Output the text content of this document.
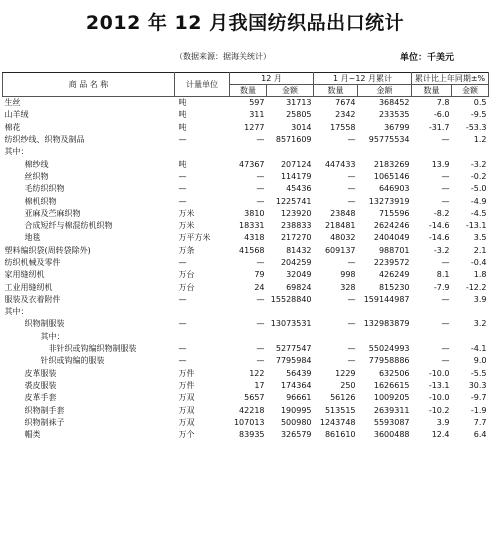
2012 年 12 月我国纺织品出口统计
（数据来源：据海关统计）	单位：千美元
商 品 名 称	计量单位	12 月		1 月~12 月累计		累计比上年同期±%	
		数量	金额	数量	金额	数量	金额
生丝	吨	597	31713	7674	368452	7.8	0.5
山羊绒	吨	311	25805	2342	233535	-6.0	-9.5
棉花	吨	1277	3014	17558	36799	-31.7	-53.3
纺织纱线、织物及制品	—	—	8571609	—	95775534	—	1.2
其中：							
棉纱线	吨	47367	207124	447433	2183269	13.9	-3.2
丝织物	—	—	114179	—	1065146	—	-0.2
毛纺织织物	—	—	45436	—	646903	—	-5.0
棉机织物	—	—	1225741	—	13273919	—	-4.9
亚麻及苎麻织物	万米	3810	123920	23848	715596	-8.2	-4.5
合成短纤与棉混纺机织物	万米	18331	238833	218481	2624246	-14.6	-13.1
地毯	万平方米	4318	217270	48032	2404049	-14.6	3.5
塑料编织袋(周转袋除外)	万条	41568	81432	609137	988701	-3.2	2.1
纺织机械及零件	—	—	204259	—	2239572	—	-0.4
家用缝纫机	万台	79	32049	998	426249	8.1	1.8
工业用缝纫机	万台	24	69824	328	815230	-7.9	-12.2
服装及衣着附件	—	—	15528840	—	159144987	—	3.9
其中：							
织物制服装	—	—	13073531	—	132983879	—	3.2
其中：							
非针织或钩编织物制服装	—	—	5277547	—	55024993	—	-4.1
针织或钩编的服装	—	—	7795984	—	77958886	—	9.0
皮革服装	万件	122	56439	1229	632506	-10.0	-5.5
裘皮服装	万件	17	174364	250	1626615	-13.1	30.3
皮革手套	万双	5657	96661	56126	1009205	-10.0	-9.7
织物制手套	万双	42218	190995	513515	2639311	-10.2	-1.9
织物制袜子	万双	107013	500980	1243748	5593087	3.9	7.7
帽类	万个	83935	326579	861610	3600488	12.4	6.4
